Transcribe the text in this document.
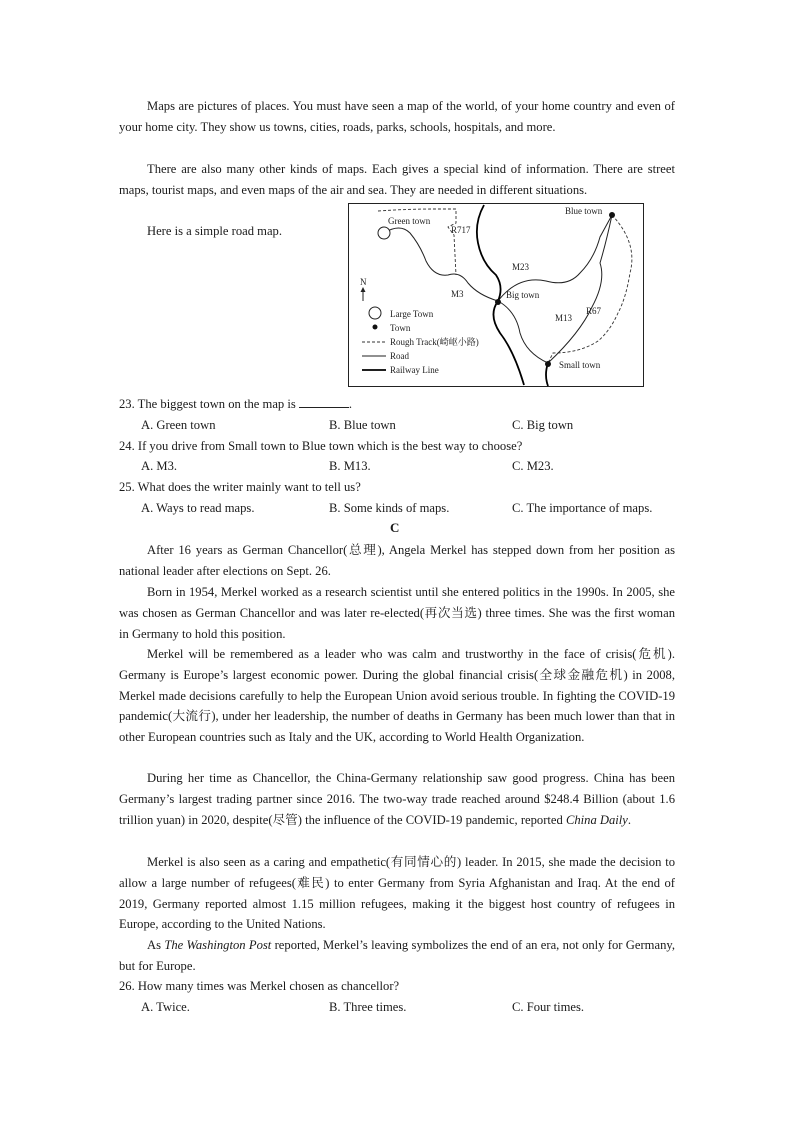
Maps are pictures of places. You must have seen a map of the world, of your home country and even of your home city. They show us towns, cities, roads, parks, schools, hospitals, and more.

There are also many other kinds of maps. Each gives a special kind of information. There are street maps, tourist maps, and even maps of the air and sea. They are needed in different situations.

Here is a simple road map.

Green town
Blue town
Big town
Small town
R717
M23
M3
M13
R67
N
Large Town
Town
Rough Track(崎岖小路)
Road
Railway Line
23. The biggest town on the map is	.
A. Green town	B. Blue town	C. Big town
24. If you drive from Small town to Blue town which is the best way to choose?
A. M3.	B. M13.	C. M23.
25. What does the writer mainly want to tell us?
A. Ways to read maps.	B. Some kinds of maps.	C. The importance of maps.
C

After 16 years as German Chancellor(总理), Angela Merkel has stepped down from her position as national leader after elections on Sept. 26.

Born in 1954, Merkel worked as a research scientist until she entered politics in the 1990s. In 2005, she was chosen as German Chancellor and was later re-elected(再次当选) three times. She was the first woman in Germany to hold this position.

Merkel will be remembered as a leader who was calm and trustworthy in the face of crisis(危机). Germany is Europe’s largest economic power. During the global financial crisis(全球金融危机) in 2008, Merkel made decisions carefully to help the European Union avoid serious trouble. In fighting the COVID-19 pandemic(大流行), under her leadership, the number of deaths in Germany has been much lower than that in other European countries such as Italy and the UK, according to World Health Organization.

During her time as Chancellor, the China-Germany relationship saw good progress. China has been Germany’s largest trading partner since 2016. The two-way trade reached around $248.4 Billion (about 1.6 trillion yuan) in 2020, despite(尽管) the influence of the COVID-19 pandemic, reported China Daily.

Merkel is also seen as a caring and empathetic(有同情心的) leader. In 2015, she made the decision to allow a large number of refugees(难民) to enter Germany from Syria Afghanistan and Iraq. At the end of 2019, Germany reported almost 1.15 million refugees, making it the biggest host country of refugees in Europe, according to the United Nations.

As The Washington Post reported, Merkel’s leaving symbolizes the end of an era, not only for Germany, but for Europe.

26. How many times was Merkel chosen as chancellor?
A. Twice.	B. Three times.	C. Four times.
